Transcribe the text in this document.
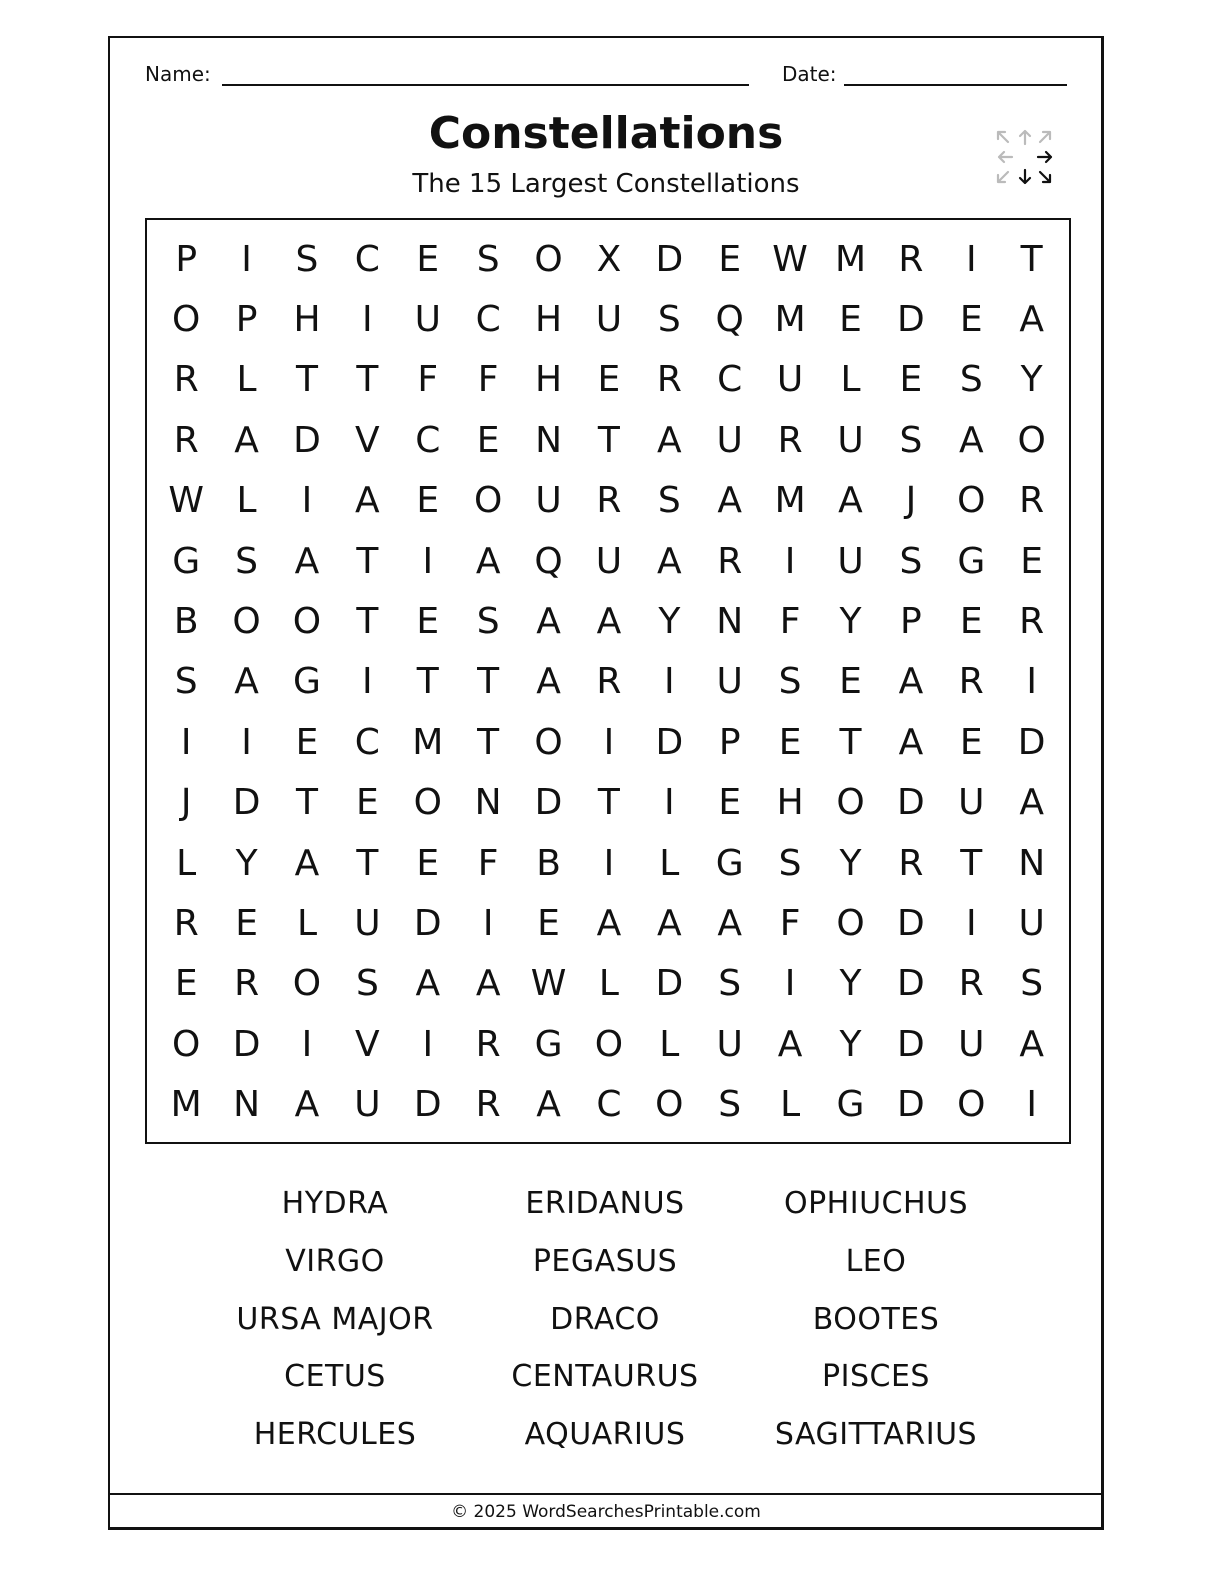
Name:	Date:
Constellations
The 15 Largest Constellations
P	I	S	C	E	S O X D E W M R	I	T
O P	H	I	U C H U S Q M E D E	A
R	L	T	T	F	F	H E	R C U	L	E	S	Y
R A D V C	E N T	A U R U S	A O
W L	I	A	E O U R	S	A M A	J	O R
G S	A	T	I	A Q U A R	I	U S G E
B O O T	E	S	A A	Y N	F	Y	P	E	R
S	A G	I	T	T	A R	I	U S	E	A R	I
I	I	E	C M T O	I	D P	E	T	A	E D
J	D T	E O N D T	I	E H O D U A
L	Y	A	T	E	F	B	I	L	G S	Y	R	T N
R	E	L	U D	I	E	A A A	F O D	I	U
E	R O S	A A W L	D S	I	Y D R	S
O D	I	V	I	R G O	L	U A	Y D U A
M N A U D R A C O S	L	G D O	I
HYDRA	ERIDANUS	OPHIUCHUS
VIRGO	PEGASUS	LEO
URSA MAJOR	DRACO	BOOTES
CETUS	CENTAURUS	PISCES
HERCULES	AQUARIUS	SAGITTARIUS
© 2025 WordSearchesPrintable.com
